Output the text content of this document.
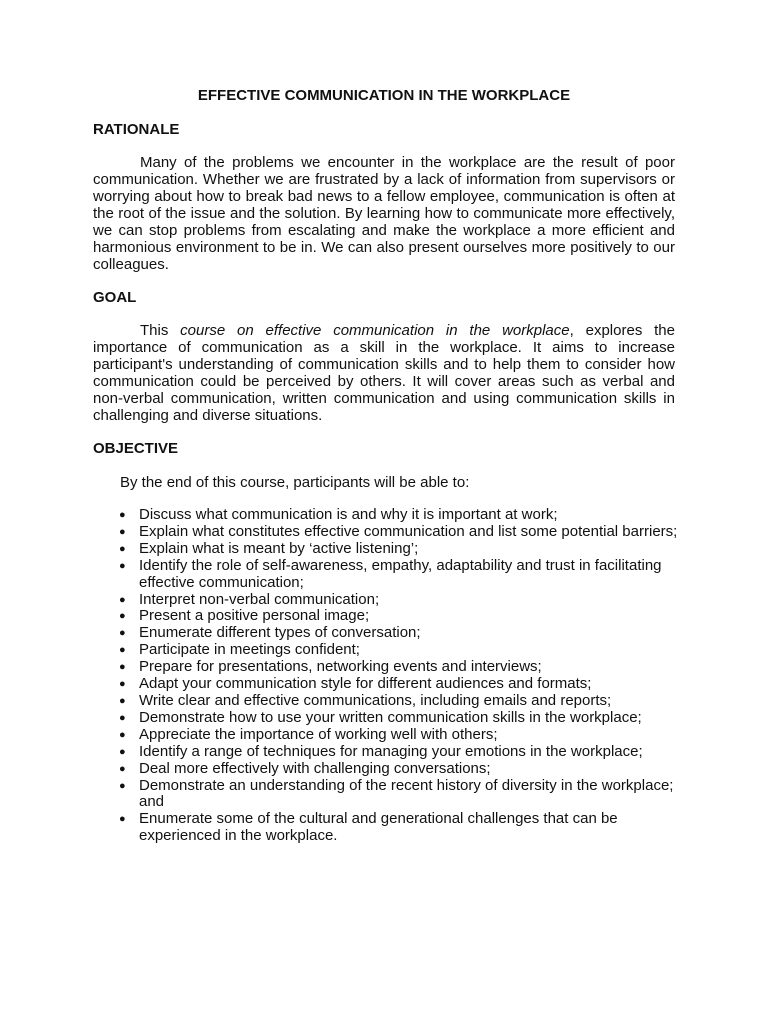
EFFECTIVE COMMUNICATION IN THE WORKPLACE
RATIONALE

Many of the problems we encounter in the workplace are the result of poor communication. Whether we are frustrated by a lack of information from supervisors or worrying about how to break bad news to a fellow employee, communication is often at the root of the issue and the solution. By learning how to communicate more effectively, we can stop problems from escalating and make the workplace a more efficient and harmonious environment to be in. We can also present ourselves more positively to our colleagues.

GOAL

This course on effective communication in the workplace, explores the importance of communication as a skill in the workplace. It aims to increase participant's understanding of communication skills and to help them to consider how communication could be perceived by others. It will cover areas such as verbal and non-verbal communication, written communication and using communication skills in challenging and diverse situations.

OBJECTIVE

By the end of this course, participants will be able to:

● Discuss what communication is and why it is important at work;
● Explain what constitutes effective communication and list some potential barriers;
● Explain what is meant by ‘active listening’;
● Identify the role of self-awareness, empathy, adaptability and trust in facilitating effective communication;
● Interpret non-verbal communication;
● Present a positive personal image;
● Enumerate different types of conversation;
● Participate in meetings confident;
● Prepare for presentations, networking events and interviews;
● Adapt your communication style for different audiences and formats;
● Write clear and effective communications, including emails and reports;
● Demonstrate how to use your written communication skills in the workplace;
● Appreciate the importance of working well with others;
● Identify a range of techniques for managing your emotions in the workplace;
● Deal more effectively with challenging conversations;
● Demonstrate an understanding of the recent history of diversity in the workplace; and
● Enumerate some of the cultural and generational challenges that can be experienced in the workplace.
